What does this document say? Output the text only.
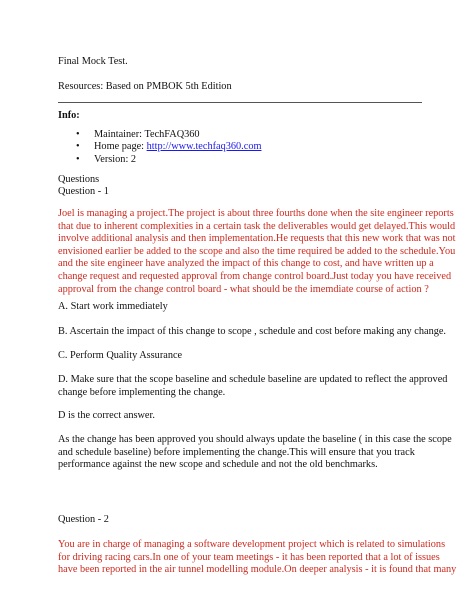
Final Mock Test.
Resources: Based on PMBOK 5th Edition
Info:
• Maintainer: TechFAQ360
• Home page: http://www.techfaq360.com
• Version: 2
Questions
Question - 1
Joel is managing a project.The project is about three fourths done when the site engineer reports
that due to inherent complexities in a certain task the deliverables would get delayed.This would
involve additional analysis and then implementation.He requests that this new work that was not
envisioned earlier be added to the scope and also the time required be added to the schedule.You
and the site engineer have analyzed the impact of this change to cost, and have written up a
change request and requested approval from change control board.Just today you have received
approval from the change control board - what should be the imemdiate course of action ?
A. Start work immediately
B. Ascertain the impact of this change to scope , schedule and cost before making any change.
C. Perform Quality Assurance
D. Make sure that the scope baseline and schedule baseline are updated to reflect the approved
change before implementing the change.
D is the correct answer.
As the change has been approved you should always update the baseline ( in this case the scope
and schedule baseline) before implementing the change.This will ensure that you track
performance against the new scope and schedule and not the old benchmarks.
Question - 2
You are in charge of managing a software development project which is related to simulations
for driving racing cars.In one of your team meetings - it has been reported that a lot of issues
have been reported in the air tunnel modelling module.On deeper analysis - it is found that many
